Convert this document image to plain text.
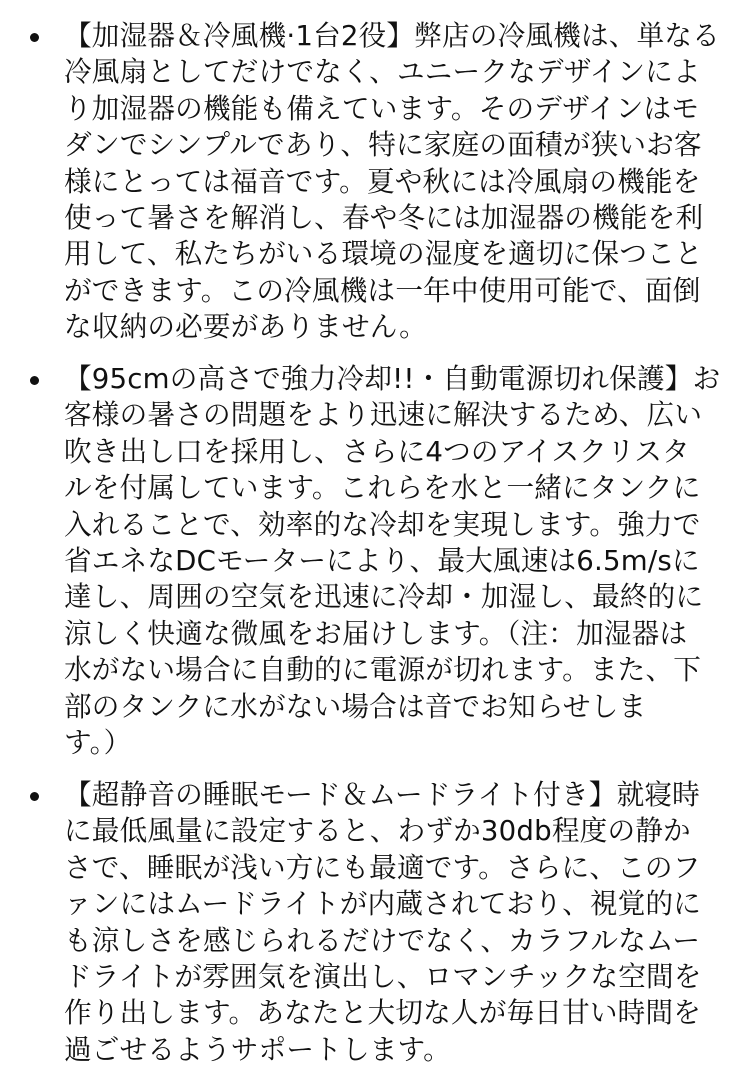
【加湿器＆冷風機·1台2役】弊店の冷風機は、単なる
冷風扇としてだけでなく、ユニークなデザインによ
り加湿器の機能も備えています。そのデザインはモ
ダンでシンプルであり、特に家庭の面積が狭いお客
様にとっては福音です。夏や秋には冷風扇の機能を
使って暑さを解消し、春や冬には加湿器の機能を利
用して、私たちがいる環境の湿度を適切に保つこと
ができます。この冷風機は一年中使用可能で、面倒
な収納の必要がありません。
【95cmの高さで強力冷却!!・自動電源切れ保護】お
客様の暑さの問題をより迅速に解決するため、広い
吹き出し口を採用し、さらに4つのアイスクリスタ
ルを付属しています。これらを水と一緒にタンクに
入れることで、効率的な冷却を実現します。強力で
省エネなDCモーターにより、最大風速は6.5m/sに
達し、周囲の空気を迅速に冷却・加湿し、最終的に
涼しく快適な微風をお届けします。（注：加湿器は
水がない場合に自動的に電源が切れます。また、下
部のタンクに水がない場合は音でお知らせしま
す。）
【超静音の睡眠モード＆ムードライト付き】就寝時
に最低風量に設定すると、わずか30db程度の静か
さで、睡眠が浅い方にも最適です。さらに、このフ
ァンにはムードライトが内蔵されており、視覚的に
も涼しさを感じられるだけでなく、カラフルなムー
ドライトが雰囲気を演出し、ロマンチックな空間を
作り出します。あなたと大切な人が毎日甘い時間を
過ごせるようサポートします。
